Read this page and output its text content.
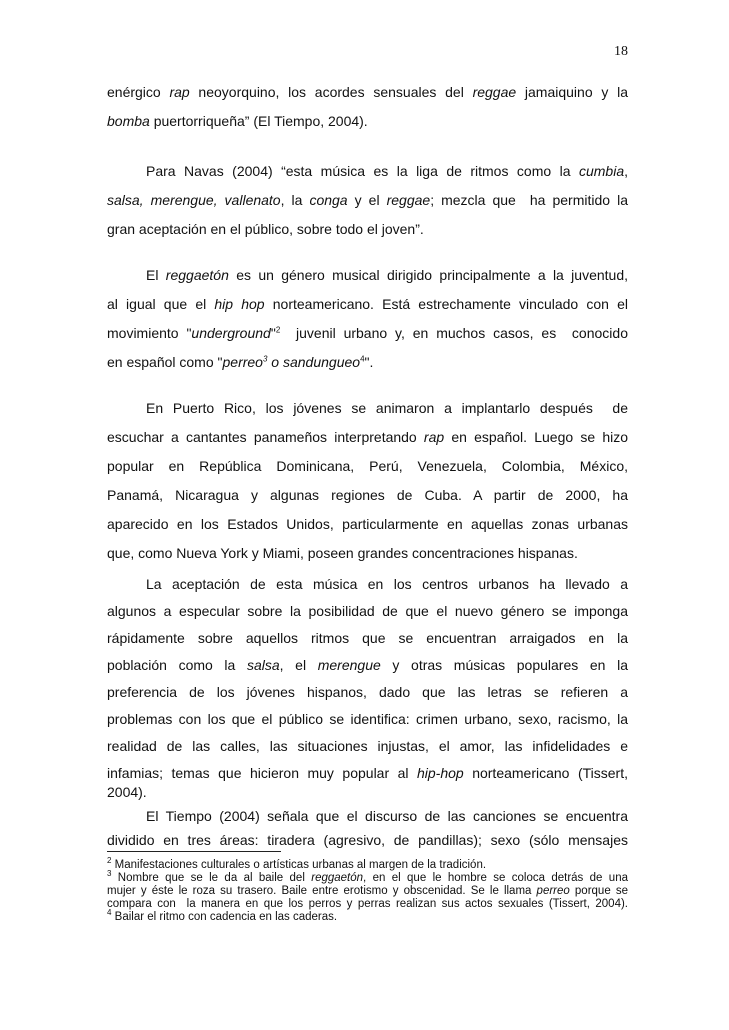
18
enérgico rap neoyorquino, los acordes sensuales del reggae jamaiquino y la
bomba puertorriqueña” (El Tiempo, 2004).
Para Navas (2004) “esta música es la liga de ritmos como la cumbia,
salsa, merengue, vallenato, la conga y el reggae; mezcla que  ha permitido la
gran aceptación en el público, sobre todo el joven”.
El reggaetón es un género musical dirigido principalmente a la juventud,
al igual que el hip hop norteamericano. Está estrechamente vinculado con el
movimiento "underground"$^2$  juvenil urbano y, en muchos casos, es  conocido
en español como "perreo$^3$ o sandungueo$^4$".
En Puerto Rico, los jóvenes se animaron a implantarlo después  de
escuchar a cantantes panameños interpretando rap en español. Luego se hizo
popular en República Dominicana, Perú, Venezuela, Colombia, México,
Panamá, Nicaragua y algunas regiones de Cuba. A partir de 2000, ha
aparecido en los Estados Unidos, particularmente en aquellas zonas urbanas
que, como Nueva York y Miami, poseen grandes concentraciones hispanas.
La aceptación de esta música en los centros urbanos ha llevado a
algunos a especular sobre la posibilidad de que el nuevo género se imponga
rápidamente sobre aquellos ritmos que se encuentran arraigados en la
población como la salsa, el merengue y otras músicas populares en la
preferencia de los jóvenes hispanos, dado que las letras se refieren a
problemas con los que el público se identifica: crimen urbano, sexo, racismo, la
realidad de las calles, las situaciones injustas, el amor, las infidelidades e
infamias; temas que hicieron muy popular al hip-hop norteamericano (Tissert,
2004).
El Tiempo (2004) señala que el discurso de las canciones se encuentra
dividido en tres áreas: tiradera (agresivo, de pandillas); sexo (sólo mensajes
$^2$ Manifestaciones culturales o artísticas urbanas al margen de la tradición.
$^3$ Nombre que se le da al baile del reggaetón, en el que le hombre se coloca detrás de una
mujer y éste le roza su trasero. Baile entre erotismo y obscenidad. Se le llama perreo porque se
compara con  la manera en que los perros y perras realizan sus actos sexuales (Tissert, 2004).
$^4$ Bailar el ritmo con cadencia en las caderas.
